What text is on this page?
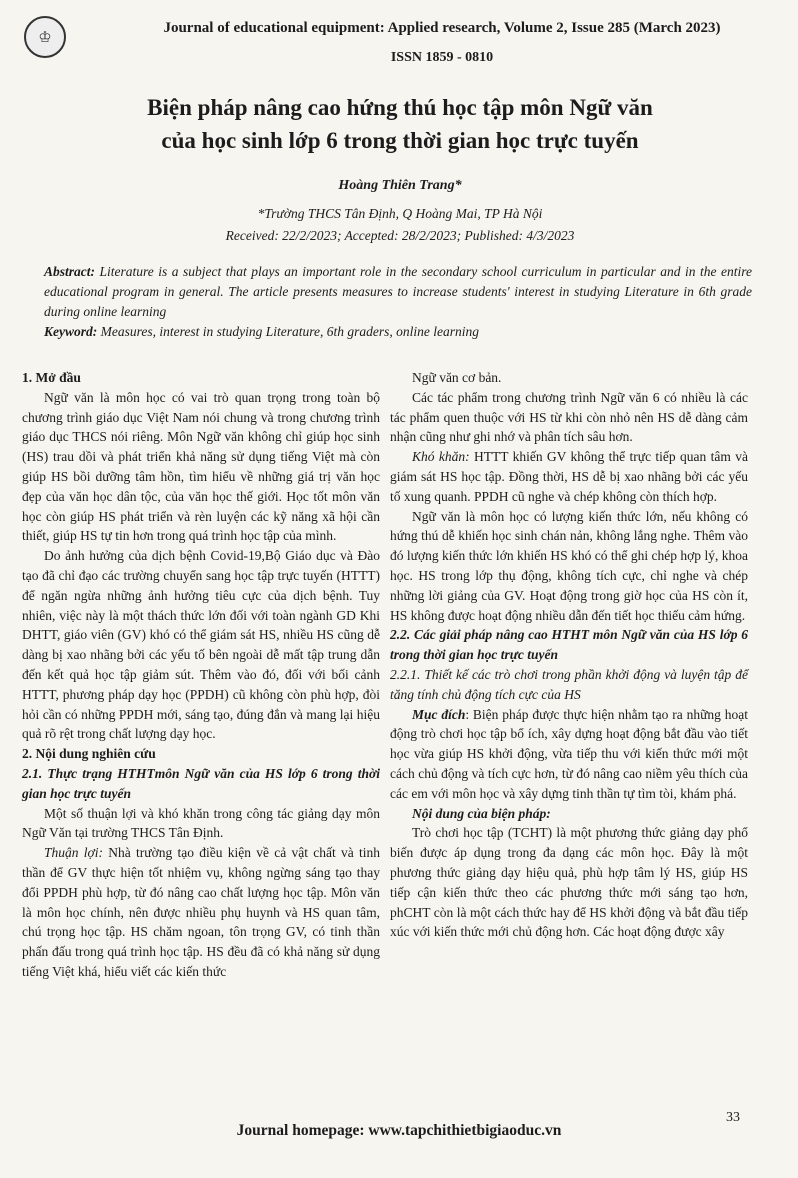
♔	Journal of educational equipment: Applied research, Volume 2, Issue 285 (March 2023)
ISSN 1859 - 0810
Biện pháp nâng cao hứng thú học tập môn Ngữ văn
của học sinh lớp 6 trong thời gian học trực tuyến
Hoàng Thiên Trang*
*Trường THCS Tân Định, Q Hoàng Mai, TP Hà Nội
Received: 22/2/2023; Accepted: 28/2/2023; Published: 4/3/2023
Abstract: Literature is a subject that plays an important role in the secondary school curriculum in particular and in the entire educational program in general. The article presents measures to increase students' interest in studying Literature in 6th grade during online learning
Keyword: Measures, interest in studying Literature, 6th graders, online learning
1. Mở đầu

Ngữ văn là môn học có vai trò quan trọng trong toàn bộ chương trình giáo dục Việt Nam nói chung và trong chương trình giáo dục THCS nói riêng. Môn Ngữ văn không chỉ giúp học sinh (HS) trau dồi và phát triển khả năng sử dụng tiếng Việt mà còn giúp HS bồi dưỡng tâm hồn, tìm hiểu về những giá trị văn học đẹp của văn học dân tộc, của văn học thế giới. Học tốt môn văn học còn giúp HS phát triển và rèn luyện các kỹ năng xã hội cần thiết, giúp HS tự tin hơn trong quá trình học tập của mình.

Do ảnh hưởng của dịch bệnh Covid-19,Bộ Giáo dục và Đào tạo đã chỉ đạo các trường chuyển sang học tập trực tuyến (HTTT) để ngăn ngừa những ảnh hưởng tiêu cực của dịch bệnh. Tuy nhiên, việc này là một thách thức lớn đối với toàn ngành GD Khi DHTT, giáo viên (GV) khó có thể giám sát HS, nhiều HS cũng dễ dàng bị xao nhãng bởi các yếu tố bên ngoài dễ mất tập trung dẫn đến kết quả học tập giảm sút. Thêm vào đó, đối với bối cảnh HTTT, phương pháp dạy học (PPDH) cũ không còn phù hợp, đòi hỏi cần có những PPDH mới, sáng tạo, đúng đắn và mang lại hiệu quả rõ rệt trong chất lượng dạy học.

2. Nội dung nghiên cứu
2.1. Thực trạng HTHTmôn Ngữ văn của HS lớp 6 trong thời gian học trực tuyến

Một số thuận lợi và khó khăn trong công tác giảng dạy môn Ngữ Văn tại trường THCS Tân Định.

Thuận lợi: Nhà trường tạo điều kiện về cả vật chất và tinh thần để GV thực hiện tốt nhiệm vụ, không ngừng sáng tạo thay đổi PPDH phù hợp, từ đó nâng cao chất lượng học tập. Môn văn là môn học chính, nên được nhiều phụ huynh và HS quan tâm, chú trọng học tập. HS chăm ngoan, tôn trọng GV, có tinh thần phấn đấu trong quá trình học tập. HS đều đã có khả năng sử dụng tiếng Việt khá, hiểu viết các kiến thức

Ngữ văn cơ bản.

Các tác phẩm trong chương trình Ngữ văn 6 có nhiều là các tác phẩm quen thuộc với HS từ khi còn nhỏ nên HS dễ dàng cảm nhận cũng như ghi nhớ và phân tích sâu hơn.

Khó khăn: HTTT khiến GV không thể trực tiếp quan tâm và giám sát HS học tập. Đồng thời, HS dễ bị xao nhãng bởi các yếu tố xung quanh. PPDH cũ nghe và chép không còn thích hợp.

Ngữ văn là môn học có lượng kiến thức lớn, nếu không có hứng thú dễ khiến học sinh chán nản, không lắng nghe. Thêm vào đó lượng kiến thức lớn khiến HS khó có thể ghi chép hợp lý, khoa học. HS trong lớp thụ động, không tích cực, chỉ nghe và chép những lời giảng của GV. Hoạt động trong giờ học của HS còn ít, HS không được hoạt động nhiều dẫn đến tiết học thiếu cảm hứng.

2.2. Các giải pháp nâng cao HTHT môn Ngữ văn của HS lớp 6 trong thời gian học trực tuyến
2.2.1. Thiết kế các trò chơi trong phần khởi động và luyện tập để tăng tính chủ động tích cực của HS

Mục đích: Biện pháp được thực hiện nhằm tạo ra những hoạt động trò chơi học tập bổ ích, xây dựng hoạt động bắt đầu vào tiết học vừa giúp HS khởi động, vừa tiếp thu với kiến thức mới một cách chủ động và tích cực hơn, từ đó nâng cao niềm yêu thích của các em với môn học và xây dựng tinh thần tự tìm tòi, khám phá.

Nội dung của biện pháp:

Trò chơi học tập (TCHT) là một phương thức giảng dạy phổ biến được áp dụng trong đa dạng các môn học. Đây là một phương thức giảng dạy hiệu quả, phù hợp tâm lý HS, giúp HS tiếp cận kiến thức theo các phương thức mới sáng tạo hơn, phCHT còn là một cách thức hay để HS khởi động và bắt đầu tiếp xúc với kiến thức mới chủ động hơn. Các hoạt động được xây

Journal homepage: www.tapchithietbigiaoduc.vn
33
